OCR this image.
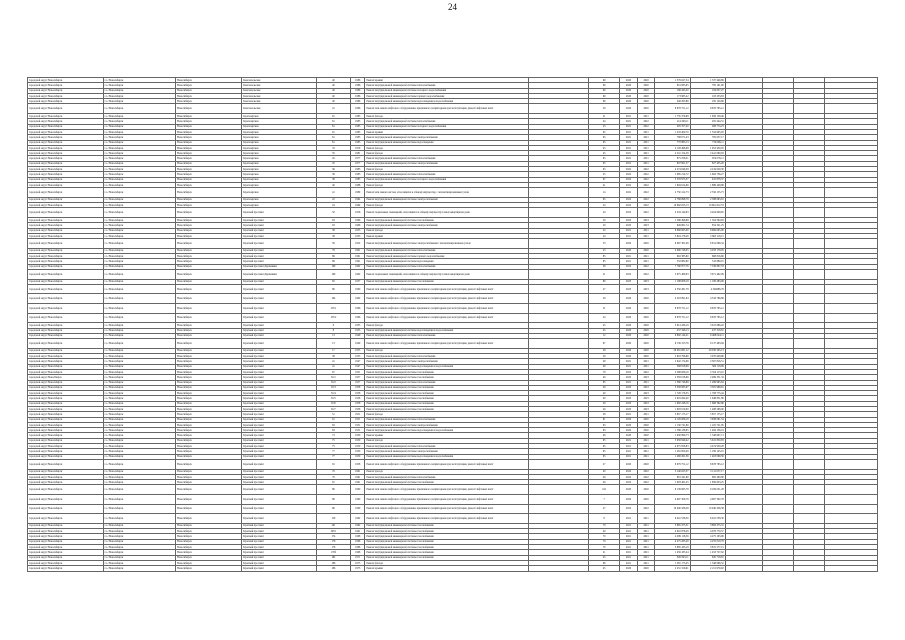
24
городской округ Новосибирск	г.о. Новосибирск	Новосибирск	Комсомольская	40	1986	Ремонт крыши		69	2020	2020	1 379 627,54	1 337 449,89				
городской округ Новосибирск	г.о. Новосибирск	Новосибирск	Комсомольская	40	1986	Ремонт внутридомовой инженерной системы теплоснабжения		69	2020	2020	801 083,65	785 191,60				
городской округ Новосибирск	г.о. Новосибирск	Новосибирск	Комсомольская	40	1986	Ремонт внутридомовой инженерной системы холодного водоснабжения		69	2020	2020	186 443,20	184 637,27				
городской округ Новосибирск	г.о. Новосибирск	Новосибирск	Комсомольская	40	1986	Ремонт внутридомовой инженерной системы горячего водоснабжения		69	2020	2020	173 983,22	163 233,63				
городской округ Новосибирск	г.о. Новосибирск	Новосибирск	Комсомольская	40	1986	Ремонт внутридомовой инженерной системы водоотведения и водоснабжения		69	2020	2020	246 265,86	185 120,66				
городской округ Новосибирск	г.о. Новосибирск	Новосибирск	Комсомольская	41	1986	Ремонт или замена лифтового оборудования, признанного непригодным для эксплуатации, ремонт лифтовых шахт		20	2020	2020	8 678 751,12	8 678 765,12				
городской округ Новосибирск	г.о. Новосибирск	Новосибирск	Красноярская	61	1985	Ремонт фасада		21	2021	2021	1 735 376,98	1 658 158,46				
городской округ Новосибирск	г.о. Новосибирск	Новосибирск	Красноярская	61	1985	Ремонт внутридомовой инженерной системы теплоснабжения		44	2021	2022	214 290,11	205 244,31				
городской округ Новосибирск	г.о. Новосибирск	Новосибирск	Красноярская	61	1985	Ремонт внутридомовой инженерной системы холодного водоснабжения		23	2021	2022	295 707,20	268 774,23				
городской округ Новосибирск	г.о. Новосибирск	Новосибирск	Красноярская	61	1985	Ремонт крыши		65	2021	2021	1 433 400,70	1 354 965,83				
городской округ Новосибирск	г.о. Новосибирск	Новосибирск	Красноярская	61	1985	Ремонт внутридомовой инженерной системы электроснабжения		65	2021	2021	788 071,43	765 057,17				
городской округ Новосибирск	г.о. Новосибирск	Новосибирск	Красноярская	61	1985	Ремонт внутридомовой инженерной системы водоотведения		65	2021	2021	770 883,13	719 096,11				
городской округ Новосибирск	г.о. Новосибирск	Новосибирск	Красноярская	33	1979	Ремонт фасада		45	2021	2021	2 128 498,08	1 953 430,05				
городской округ Новосибирск	г.о. Новосибирск	Новосибирск	Красноярская	35	1981	Ремонт фасада		45	2021	2021	2 541 154,58	2 441 060,93				
городской округ Новосибирск	г.о. Новосибирск	Новосибирск	Красноярская	45	1977	Ремонт внутридомовой инженерной системы теплоснабжения		65	2021	2021	875 258,21	874 076,11				
городской округ Новосибирск	г.о. Новосибирск	Новосибирск	Красноярская	45	1977	Ремонт внутридомовой инженерной системы электроснабжения		65	2021	2021	847 601,57	827 435,20				
городской округ Новосибирск	г.о. Новосибирск	Новосибирск	Красноярская	36	1983	Ремонт фасада		65	2022	2022	4 274 646,58	4 219 029,30				
городской округ Новосибирск	г.о. Новосибирск	Новосибирск	Красноярская	39	1983	Ремонт внутридомовой инженерной системы теплоснабжения		25	2022	2022	1 685 214,72	1 604 736,27				
городской округ Новосибирск	г.о. Новосибирск	Новосибирск	Красноярская	36	1983	Ремонт внутридомовой инженерной системы холодного водоснабжения		67	2022	2022	5 378 973,37	915 878,37				
городской округ Новосибирск	г.о. Новосибирск	Новосибирск	Красноярская	40	1988	Ремонт фасада		41	2022	2022	1 994 614,69	1 889 448,88				
городской округ Новосибирск	г.о. Новосибирск	Новосибирск	Красноярская	41	1989	Ремонт или замена систем, относящихся к общему имуществу, с автоматизированным узлом		14	2022	2022	2 750 122,73	2 556 155,73				
городской округ Новосибирск	г.о. Новосибирск	Новосибирск	Красноярская	22	1964	Ремонт внутридомовой инженерной системы электроснабжения		65	2022	2022	2 768 698,78	2 588 693,91				
городской округ Новосибирск	г.о. Новосибирск	Новосибирск	Красноярская	24	1964	Ремонт фасада		24	2022	2022	10 962 023,13	10 661 612,53				
городской округ Новосибирск	г.о. Новосибирск	Новосибирск	Красный проспект	32	1956	Ремонт подвальных помещений, относящихся к общему имуществу в многоквартирном доме		24	2022	2022	4 234 140,93	4 204 648,65				
городской округ Новосибирск	г.о. Новосибирск	Новосибирск	Красный проспект	63	1966	Ремонт внутридомовой инженерной системы газоснабжения		20	2023	2023	1 586 496,88	1 504 594,83				
городской округ Новосибирск	г.о. Новосибирск	Новосибирск	Красный проспект	63	1966	Ремонт внутридомовой инженерной системы электроснабжения		20	2023	2023	649 861,74	854 321,25				
городской округ Новосибирск	г.о. Новосибирск	Новосибирск	Красный проспект	38	1953	Ремонт фасада		24	2021	2021	8 668 065,00	8 669 065,00				
городской округ Новосибирск	г.о. Новосибирск	Новосибирск	Красный проспект	38	1953	Ремонт крыши		24	2021	2021	5 824 178,26	5 803 118,15				
городской округ Новосибирск	г.о. Новосибирск	Новосибирск	Красный проспект	59	1952	Ремонт внутридомовой инженерной системы электроснабжения с автоматизированным узлом		53	2020	2020	6 967 381,08	6 812 096,34				
городской округ Новосибирск	г.о. Новосибирск	Новосибирск	Красный проспект	79	1961	Ремонт внутридомовой инженерной системы теплоснабжения		23	2020	2020	4 090 748,05	4 033 178,05				
городской округ Новосибирск	г.о. Новосибирск	Новосибирск	Красный проспект	89	1961	Ремонт внутридомовой инженерной системы горячего водоснабжения		85	2021	2021	692 385,60	668 816,66				
городской округ Новосибирск	г.о. Новосибирск	Новосибирск	Красный проспект	89	1961	Ремонт внутридомовой инженерной системы водоотведения		85	2021	2021	532 882,80	510 880,01				
городской округ Новосибирск	г.о. Новосибирск	Новосибирск	Красный проспект/Державина	169	1962	Ремонт внутридомовой инженерной системы теплоснабжения		39	2022	2022	7 780 877,76	7 536 867,53				
городской округ Новосибирск	г.о. Новосибирск	Новосибирск	Красный проспект/Державина	169	1962	Ремонт подвальных помещений, относящихся к общему имуществу в многоквартирном доме		21	2022	2022	3 675 489,03	3 671 462,09				
городской округ Новосибирск	г.о. Новосибирск	Новосибирск	Красный проспект	82	1957	Ремонт внутридомовой инженерной системы газоснабжения		89	2023	2023	1 188 608,18	1 186 483,09				
городской округ Новосибирск	г.о. Новосибирск	Новосибирск	Красный проспект	86	1960	Ремонт или замена лифтового оборудования, признанного непригодным для эксплуатации, ремонт лифтовых шахт		27	2023	2023	4 350 481,78	4 346686,78				
городской округ Новосибирск	г.о. Новосибирск	Новосибирск	Красный проспект	164	1962	Ремонт или замена лифтового оборудования, признанного непригодным для эксплуатации, ремонт лифтовых шахт		20	2020	2020	4 318 891,84	4 318 766,86				
городской округ Новосибирск	г.о. Новосибирск	Новосибирск	Красный проспект	155/1	1966	Ремонт или замена лифтового оборудования, признанного непригодным для эксплуатации, ремонт лифтовых шахт		31	2020	2020	8 678 751,12	8 678 765,12				
городской округ Новосибирск	г.о. Новосибирск	Новосибирск	Красный проспект	155/2	1966	Ремонт или замена лифтового оборудования, признанного непригодным для эксплуатации, ремонт лифтовых шахт		24	2020	2020	8 678 751,12	8 678 765,12				
городской округ Новосибирск	г.о. Новосибирск	Новосибирск	Красный проспект	8	1935	Ремонт фасада		45	2020	2020	3 914 436,19	3 615 686,02				
городской округ Новосибирск	г.о. Новосибирск	Новосибирск	Красный проспект	8	1935	Ремонт внутридомовой инженерной системы водоотведения и водоснабжения		45	2020	2020	437 346,13	437 318,81				
городской округ Новосибирск	г.о. Новосибирск	Новосибирск	Красный проспект	13	1949	Ремонт внутридомовой инженерной системы теплоснабжения		12	2020	2020	6 882 144,21	6 468 044,11				
городской округ Новосибирск	г.о. Новосибирск	Новосибирск	Красный проспект	13	1949	Ремонт или замена лифтового оборудования, признанного непригодным для эксплуатации, ремонт лифтовых шахт		67	2020	2020	9 139 155,76	9 137 483,84				
городской округ Новосибирск	г.о. Новосибирск	Новосибирск	Красный проспект	17	1953	Ремонт фасада		28	2020	2020	28 081 681,12	28 030 265,13				
городской округ Новосибирск	г.о. Новосибирск	Новосибирск	Красный проспект	38	1955	Ремонт внутридомовой инженерной системы теплоснабжения		20	2020	2020	3 618 798,66	3 070 948,86				
городской округ Новосибирск	г.о. Новосибирск	Новосибирск	Красный проспект	41	1947	Ремонт внутридомовой инженерной системы электроснабжения		49	2021	2021	2 642 174,99	2 367 816,51				
городской округ Новосибирск	г.о. Новосибирск	Новосибирск	Красный проспект	41	1947	Ремонт внутридомовой инженерной системы водоотведения и водоснабжения		49	2021	2021	568 818,09	560 118,99				
городской округ Новосибирск	г.о. Новосибирск	Новосибирск	Красный проспект	67	1951	Ремонт внутридомовой инженерной системы газоснабжения		79	2022	2022	2 398 066,16	2 354 113,16				
городской округ Новосibирск	г.о. Новосибирск	Новосибирск	Красный проспект	81/1	1957	Ремонт внутридомовой инженерной системы газоснабжения		40	2023	2023	2 583 018,99	2 489 331,34				
городской округ Новосибирск	г.о. Новосибирск	Новосибирск	Красный проспект	81/2	1957	Ремонт внутридомовой инженерной системы теплоснабжения		85	2021	2021	1 380 746,98	1 286 995,64				
городской округ Новосибирск	г.о. Новосибирск	Новосибирск	Красный проспект	81/3	1958	Ремонт внутридомовой инженерной системы газоснабжения		40	2023	2023	3 358 085,97	3 381 989,61				
городской округ Новосибирск	г.о. Новосибирск	Новосибирск	Красный проспект	81/4	1958	Ремонт внутридомовой инженерной системы газоснабжения		40	2023	2023	1 728 176,35	1 708 775,44				
городской округ Новосибирск	г.о. Новосибирск	Новосибирск	Красный проспект	81/5	1958	Ремонт внутридомовой инженерной системы газоснабжения		40	2023	2023	2 019 262,40	1 948 851,80				
городской округ Новосибирск	г.о. Новосибирск	Новосибирск	Красный проспект	81/6	1958	Ремонт внутридомовой инженерной системы газоснабжения		40	2023	2023	1 682 248,16	1 668 362,86				
городской округ Новосибирск	г.о. Новосибирск	Новосибирск	Красный проспект	81/7	1958	Ремонт внутридомовой инженерной системы газоснабжения		40	2023	2023	1 603 019,00	1 488 268,00				
городской округ Новосибирск	г.о. Новосибирск	Новосибирск	Красный проспект	51	1951	Ремонт фасада		28	2021	2021	5 857 175,17	5 857 175,17				
городской округ Новосибирск	г.о. Новосибирск	Новосибирск	Красный проспект	61	1951	Ремонт внутридомовой инженерной системы теплоснабжения		61	2020	2020	4 129 086,18	3 838 061,54				
городской округ Новосибирск	г.о. Новосибирск	Новосибирск	Красный проспект	63	1951	Ремонт внутридомовой инженерной системы электроснабжения		63	2020	2020	1 130 741,80	1 105 721,85				
городской округ Новосибирск	г.о. Новосибирск	Новосибирск	Красный проспект	63	1951	Ремонт внутридомовой инженерной системы водоотведения и водоснабжения		63	2020	2020	1 588 138,95	1 484 136,19				
городской округ Новосибирск	г.о. Новосибирск	Новосибирск	Красный проспект	73	1950	Ремонт крыши		48	2020	2020	1 656 899,73	1 548 667,13				
городской округ Новосибирск	г.о. Новосибирск	Новосибирск	Красный проспект	75	1950	Ремонт фасада		65	2021	2021	5 958 849,42	5 615 850,83				
городской округ Новосибирск	г.о. Новосибирск	Новосибирск	Красный проспект	75	1950	Ремонт внутридомовой инженерной системы теплоснабжения		65	2021	2021	4 675 658,83	4 474 930,28				
городской округ Новосибирск	г.о. Новосибирск	Новосибирск	Красный проспект	77	1950	Ремонт внутридомовой инженерной системы электроснабжения		65	2021	2021	1 281 000,29	1 199 145,01				
городской округ Новосибирск	г.о. Новосибирск	Новосибирск	Красный проспект	77	1950	Ремонт внутридомовой инженерной системы водоотведения и водоснабжения		65	2021	2021	1 468 261,36	1 403 069,56				
городской округ Новосибирск	г.о. Новосибирск	Новосибирск	Красный проспект	91	1958	Ремонт или замена лифтового оборудования, признанного непригодным для эксплуатации, ремонт лифтовых шахт		27	2020	2020	8 679 751,12	8 678 765,12				
городской округ Новосибирск	г.о. Новосибирск	Новосибирск	Красный проспект	79	1961	Ремонт фасада		40	2022	2022	3 146 623,37	3 112 057,17				
городской округ Новосибирск	г.о. Новосибирск	Новосибирск	Красный проспект	79	1961	Ремонт внутридомовой инженерной системы теплоснабжения		40	2022	2022	881 341,80	885 400,80				
городской округ Новосибирск	г.о. Новосибирск	Новосибирск	Красный проспект	81	1961	Ремонт внутридомовой инженерной системы газоснабжения		40	2022	2022	1 903 461,25	1 856 823,25				
городской округ Новосибирск	г.о. Новосибирск	Новосибирск	Красный проспект	86	1960	Ремонт или замена лифтового оборудования, признанного непригодным для эксплуатации, ремонт лифтовых шахт		241	2020	2020	9 139 665,78	9 169 031,28				
городской округ Новосибирск	г.о. Новосибирск	Новосибирск	Красный проспект	86	1960	Ремонт или замена лифтового оборудования, признанного непригодным для эксплуатации, ремонт лифтовых шахт		7	2020	2020	4 997 309,78	4 997 302,78				
городской округ Новосибирск	г.о. Новосибирск	Новосибирск	Красный проспект	86	1960	Ремонт или замена лифтового оборудования, признанного непригодным для эксплуатации, ремонт лифтовых шахт		27	2022	2022	10 040 436,38	10 040 436,38				
городской округ Новосибирск	г.о. Новосибирск	Новосибирск	Красный проспект	159	1962	Ремонт или замена лифтового оборудования, признанного непригодным для эксплуатации, ремонт лифтовых шахт		8	2021	2021	6 041 538,30	6 041 538,30				
городской округ Новосибирск	г.о. Новосибирск	Новосибирск	Красный проспект	161	1962	Ремонт внутридомовой инженерной системы газоснабжения		70	2021	2021	3 865 475,31	3 883 475,31				
городской округ Новосибирск	г.о. Новосибирск	Новосибирск	Красный проспект	163/1	1961	Ремонт внутридомовой инженерной системы газоснабжения		40	2021	2021	4 016 878,29	4 076 770,57				
городской округ Новосибирск	г.о. Новосибирск	Новосибирск	Красный проспект	174	1968	Ремонт внутридомовой инженерной системы газоснабжения		70	2021	2021	4 289 118,56	4 275 193,96				
городской округ Новосибирск	г.о. Новосибирск	Новосибирск	Красный проспект	176	1968	Ремонт внутридомовой инженерной системы газоснабжения		70	2021	2021	4 275 283,29	4 255 010,79				
городской округ Новосибирск	г.о. Новосибирск	Новосибирск	Красный проспект	178	1968	Ремонт внутридомовой инженерной системы газоснабжения		70	2021	2021	3 885 183,18	3 831 577,15				
городской округ Новосибирск	г.о. Новосибирск	Новосибирск	Красный проспект	178б	1968	Ремонт внутридомовой инженерной системы газоснабжения		21	2021	2021	1 459 183,24	1 453 727,62				
городской округ Новосибирск	г.о. Новосибирск	Новосибирск	Красный проспект	182	1971	Ремонт внутридомовой инженерной системы газоснабжения		45	2021	2021	845 843,11	845 718,81				
городской округ Новосибирск	г.о. Новосибирск	Новосибирск	Красный проспект	186	1973	Ремонт фасада		66	2021	2021	1 381 173,45	1 348 096,52				
городской округ Новосибирск	г.о. Новосибирск	Новосибирск	Красный проспект	186	1973	Ремонт крыши		45	2020	2020	2 231 319,61	2 211 979,92				
